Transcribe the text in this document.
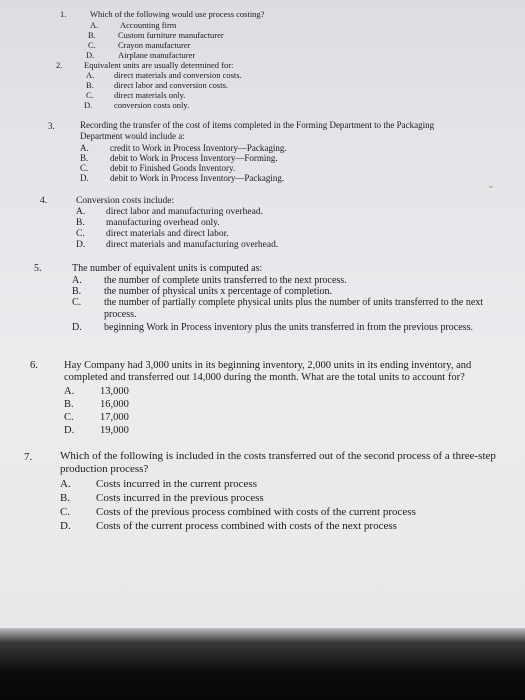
1.	Which of the following would use process costing?
A.	Accounting firm
B.	Custom furniture manufacturer
C.	Crayon manufacturer
D.	Airplane manufacturer
2.	Equivalent units are usually determined for:
A. direct materials and conversion costs.
B. direct labor and conversion costs.
C. direct materials only.
D.	conversion costs only.
3.	Recording the transfer of the cost of items completed in the Forming Department to the Packaging Department would include a:
A. credit to Work in Process Inventory—Packaging.
B. debit to Work in Process Inventory—Forming.
C. debit to Finished Goods Inventory.
D. debit to Work in Process Inventory—Packaging.
⌄
4.	Conversion costs include:
A. direct labor and manufacturing overhead.
B. manufacturing overhead only.
C. direct materials and direct labor.
D. direct materials and manufacturing overhead.
5.	The number of equivalent units is computed as:
A. the number of complete units transferred to the next process.
B. the number of physical units x percentage of completion.
C. the number of partially complete physical units plus the number of units transferred to the next process.
D. beginning Work in Process inventory plus the units transferred in from the previous process.
6. Hay Company had 3,000 units in its beginning inventory, 2,000 units in its ending inventory, and completed and transferred out 14,000 during the month. What are the total units to account for?
A. 13,000
B.	16,000
C.	17,000
D. 19,000
7.	Which of the following is included in the costs transferred out of the second process of a three-step production process?
A. Costs incurred in the current process
B. Costs incurred in the previous process
C. Costs of the previous process combined with costs of the current process
D. Costs of the current process combined with costs of the next process
